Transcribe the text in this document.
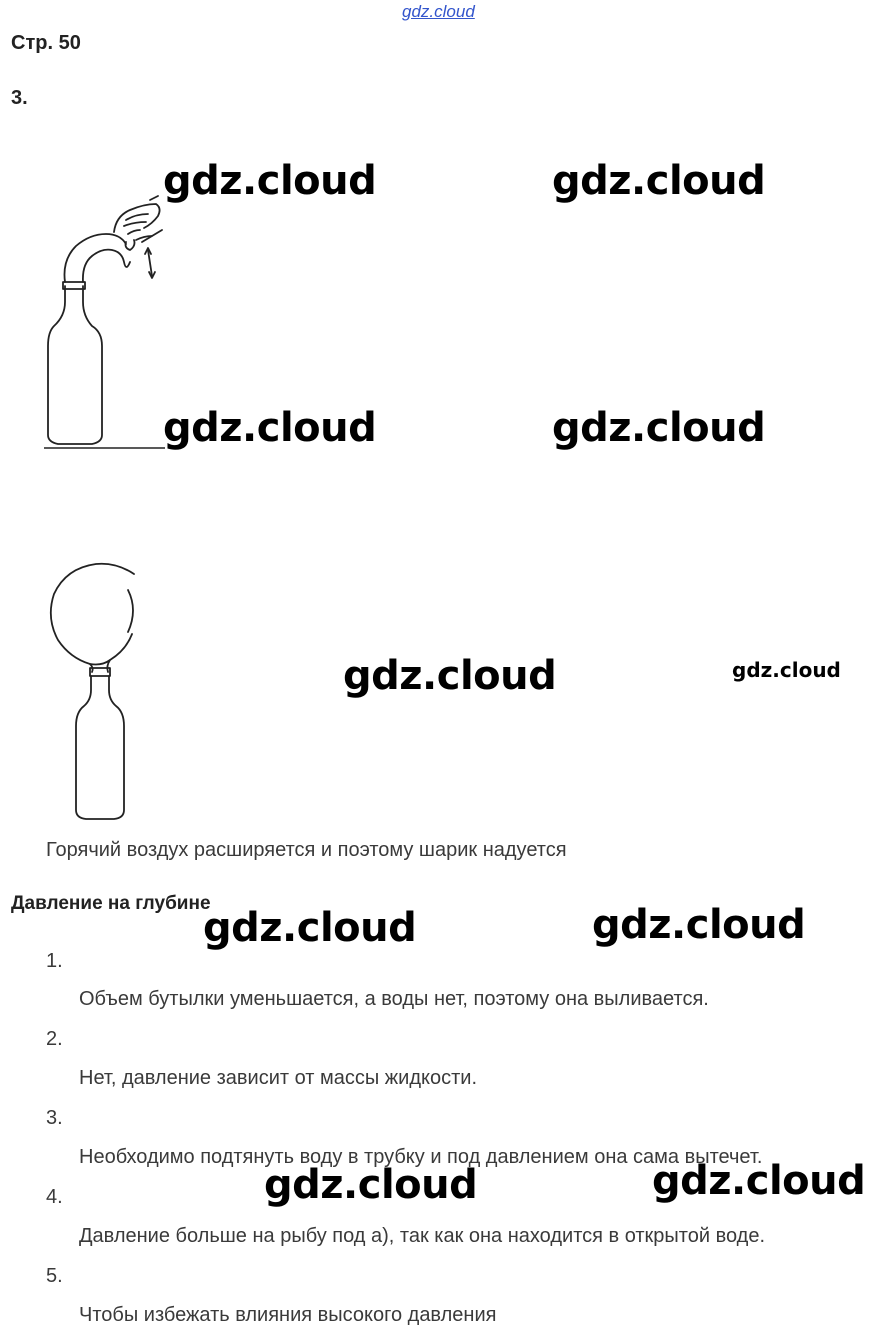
gdz.cloud
Стр. 50
3.
gdz.cloud	gdz.cloud
gdz.cloud	gdz.cloud
gdz.cloud	gdz.cloud
gdz.cloud	gdz.cloud
gdz.cloud	gdz.cloud
Горячий воздух расширяется и поэтому шарик надуется
Давление на глубине
1.
Объем бутылки уменьшается, а воды нет, поэтому она выливается.
2.
Нет, давление зависит от массы жидкости.
3.
Необходимо подтянуть воду в трубку и под давлением она сама вытечет.
4.
Давление больше на рыбу под а), так как она находится в открытой воде.
5.
Чтобы избежать влияния высокого давления
